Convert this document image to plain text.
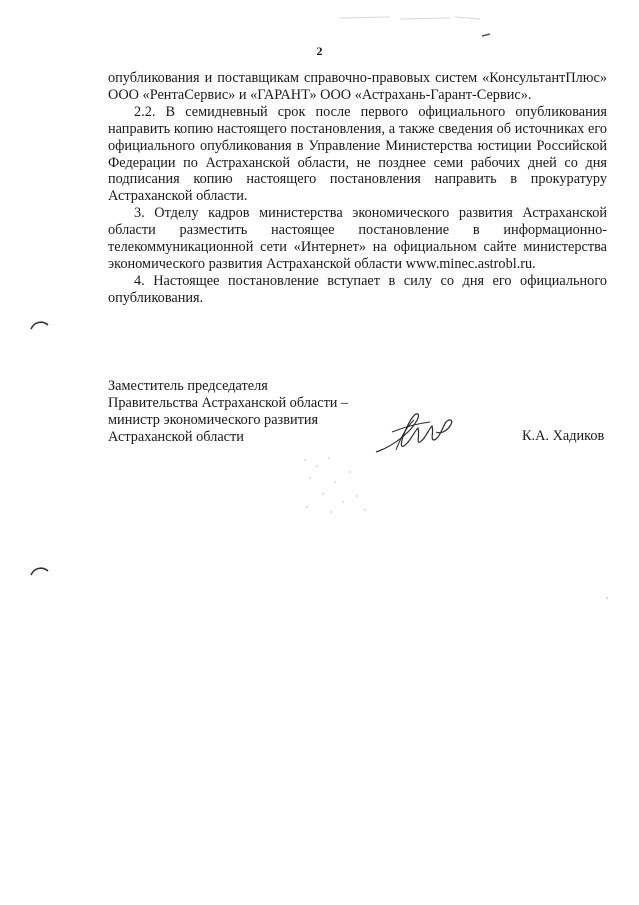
2

опубликования и поставщикам справочно-правовых систем «КонсультантПлюс» ООО «РентаСервис» и «ГАРАНТ» ООО «Астрахань-Гарант-Сервис».

2.2. В семидневный срок после первого официального опубликования направить копию настоящего постановления, а также сведения об источниках его официального опубликования в Управление Министерства юстиции Российской Федерации по Астраханской области, не позднее семи рабочих дней со дня подписания копию настоящего постановления направить в прокуратуру Астраханской области.

3. Отделу кадров министерства экономического развития Астраханской области разместить настоящее постановление в информационно-телекоммуникационной сети «Интернет» на официальном сайте министерства экономического развития Астраханской области www.minec.astrobl.ru.

4. Настоящее постановление вступает в силу со дня его официального опубликования.

Заместитель председателя
Правительства Астраханской области –
министр экономического развития
Астраханской области	К.А. Хадиков
